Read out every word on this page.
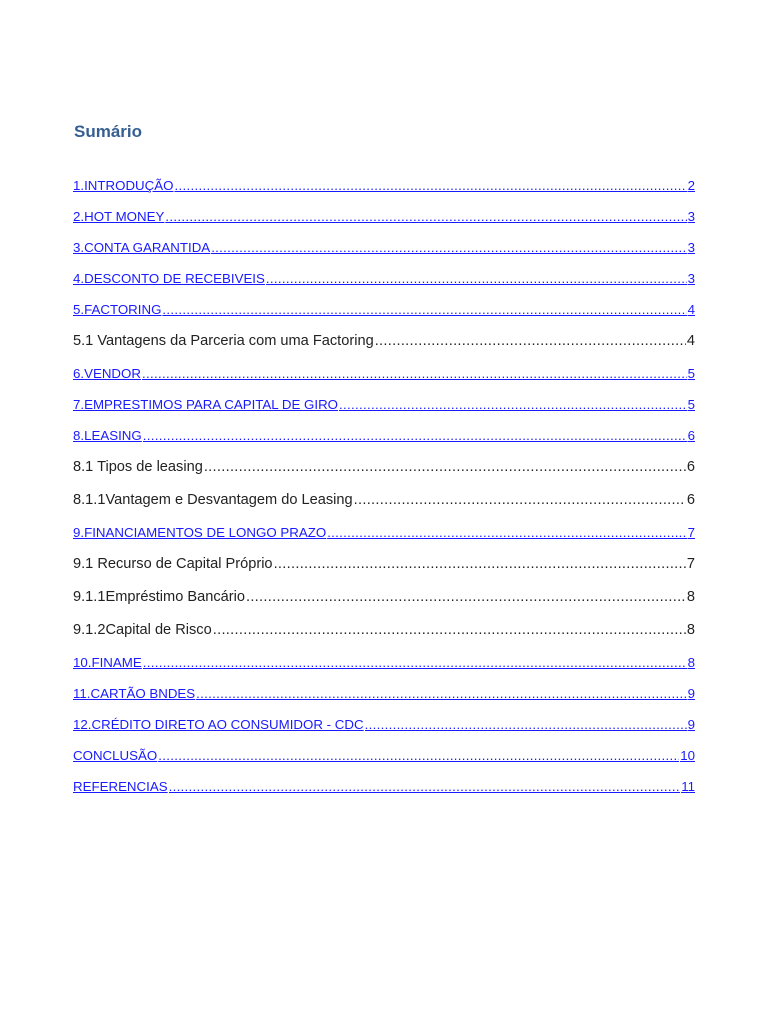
Sumário
1.INTRODUÇÃO .....	2
2.HOT MONEY .....	3
3.CONTA GARANTIDA .....	3
4.DESCONTO DE RECEBIVEIS .....	3
5.FACTORING .....	4
5.1 Vantagens da Parceria com uma Factoring .....	4
6.VENDOR .....	5
7.EMPRESTIMOS PARA CAPITAL DE GIRO .....	5
8.LEASING .....	6
8.1 Tipos de leasing .....	6
8.1.1Vantagem e Desvantagem do Leasing .....	6
9.FINANCIAMENTOS DE LONGO PRAZO .....	7
9.1 Recurso de Capital Próprio .....	7
9.1.1Empréstimo Bancário .....	8
9.1.2Capital de Risco .....	8
10.FINAME .....	8
11.CARTÃO BNDES .....	9
12.CRÉDITO DIRETO AO CONSUMIDOR - CDC .....	9
CONCLUSÃO .....	10
REFERENCIAS .....	11
